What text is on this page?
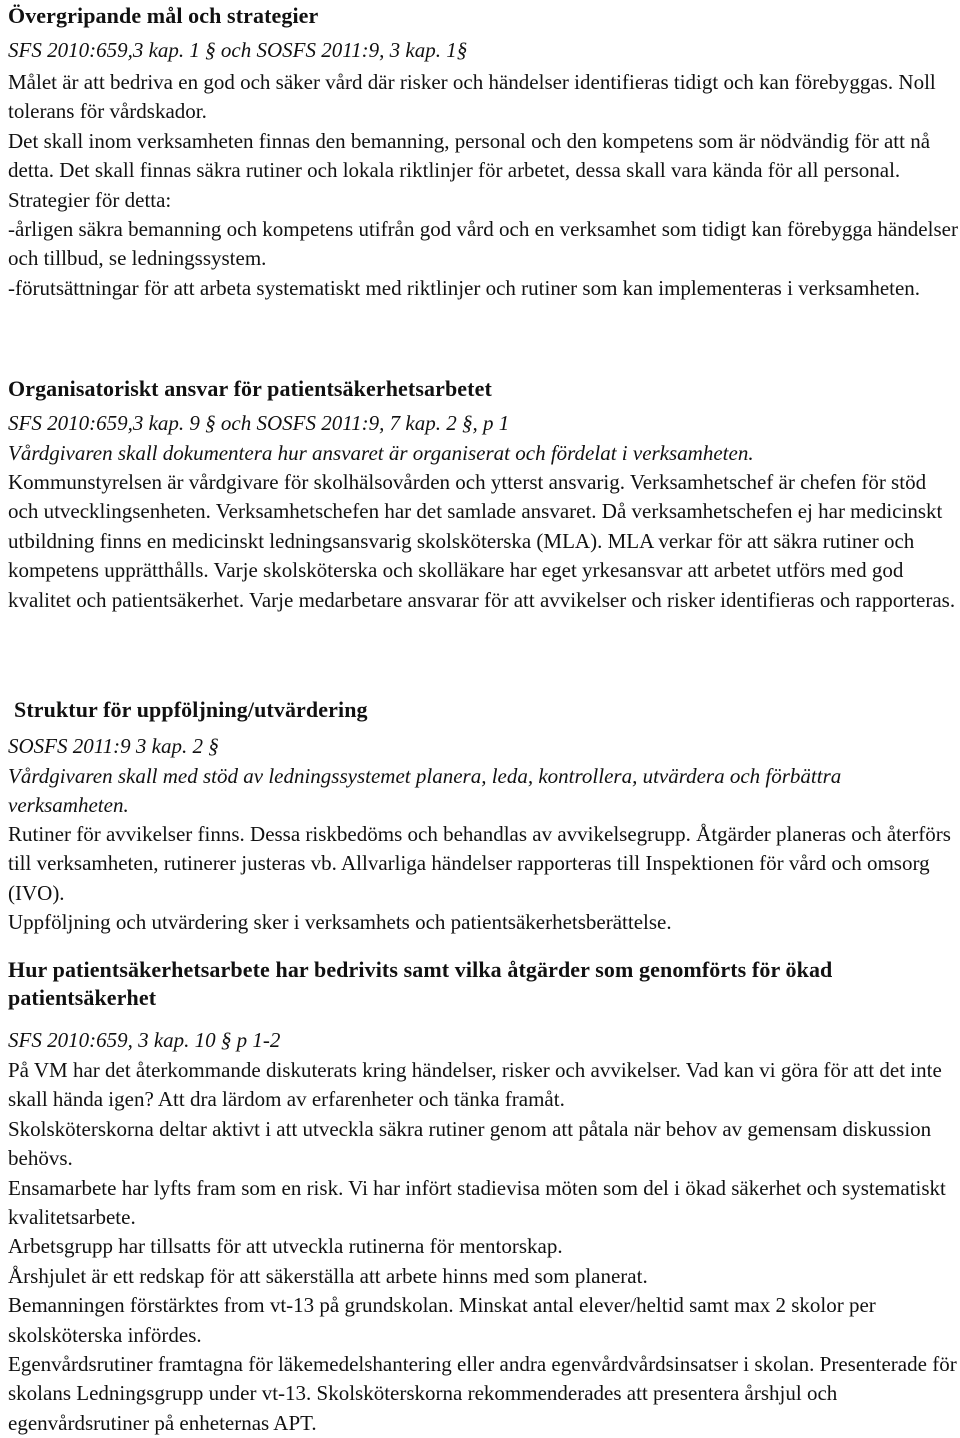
Övergripande mål och strategier
SFS 2010:659,3 kap. 1 § och SOSFS 2011:9, 3 kap. 1§

Målet är att bedriva en god och säker vård där risker och händelser identifieras tidigt och kan förebyggas. Noll tolerans för vårdskador.

Det skall inom verksamheten finnas den bemanning, personal och den kompetens som är nödvändig för att nå detta. Det skall finnas säkra rutiner och lokala riktlinjer för arbetet, dessa skall vara kända för all personal.

Strategier för detta:

-årligen säkra bemanning och kompetens utifrån god vård och en verksamhet som tidigt kan förebygga händelser och tillbud, se ledningssystem.

-förutsättningar för att arbeta systematiskt med riktlinjer och rutiner som kan implementeras i verksamheten.

Organisatoriskt ansvar för patientsäkerhetsarbetet
SFS 2010:659,3 kap. 9 § och SOSFS 2011:9, 7 kap. 2 §, p 1
Vårdgivaren skall dokumentera hur ansvaret är organiserat och fördelat i verksamheten.

Kommunstyrelsen är vårdgivare för skolhälsovården och ytterst ansvarig. Verksamhetschef är chefen för stöd och utvecklingsenheten. Verksamhetschefen har det samlade ansvaret. Då verksamhetschefen ej har medicinskt utbildning finns en medicinskt ledningsansvarig skolsköterska (MLA). MLA verkar för att säkra rutiner och kompetens upprätthålls. Varje skolsköterska och skolläkare har eget yrkesansvar att arbetet utförs med god kvalitet och patientsäkerhet. Varje medarbetare ansvarar för att avvikelser och risker identifieras och rapporteras.

Struktur för uppföljning/utvärdering
SOSFS 2011:9 3 kap. 2 §
Vårdgivaren skall med stöd av ledningssystemet planera, leda, kontrollera, utvärdera och förbättra verksamheten.

Rutiner för avvikelser finns. Dessa riskbedöms och behandlas av avvikelsegrupp. Åtgärder planeras och återförs till verksamheten, rutinerer justeras vb. Allvarliga händelser rapporteras till Inspektionen för vård och omsorg (IVO).

Uppföljning och utvärdering sker i verksamhets och patientsäkerhetsberättelse.

Hur patientsäkerhetsarbete har bedrivits samt vilka åtgärder som genomförts för ökad patientsäkerhet
SFS 2010:659, 3 kap. 10 § p 1-2

På VM har det återkommande diskuterats kring händelser, risker och avvikelser. Vad kan vi göra för att det inte skall hända igen? Att dra lärdom av erfarenheter och tänka framåt.

Skolsköterskorna deltar aktivt i att utveckla säkra rutiner genom att påtala när behov av gemensam diskussion behövs.

Ensamarbete har lyfts fram som en risk. Vi har infört stadievisa möten som del i ökad säkerhet och systematiskt kvalitetsarbete.

Arbetsgrupp har tillsatts för att utveckla rutinerna för mentorskap.

Årshjulet är ett redskap för att säkerställa att arbete hinns med som planerat.

Bemanningen förstärktes from vt-13 på grundskolan. Minskat antal elever/heltid samt max 2 skolor per skolsköterska infördes.

Egenvårdsrutiner framtagna för läkemedelshantering eller andra egenvårdvårdsinsatser i skolan. Presenterade för skolans Ledningsgrupp under vt-13. Skolsköterskorna rekommenderades att presentera årshjul och egenvårdsrutiner på enheternas APT.
